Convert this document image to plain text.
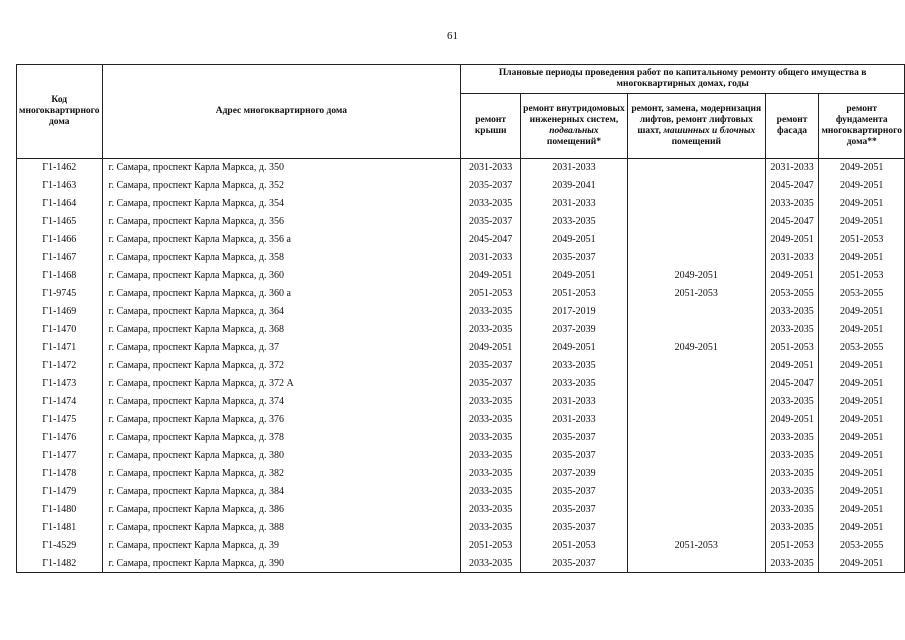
61
Код многоквартирного дома	Адрес многоквартирного дома	Плановые периоды проведения работ по капитальному ремонту общего имущества в многоквартирных домах, годы				
		ремонт крыши	ремонт внутридомовых инженерных систем, подвальных помещений*	ремонт, замена, модернизация лифтов, ремонт лифтовых шахт, машинных и блочных помещений	ремонт фасада	ремонт фундамента многоквартирного дома**
Г1-1462	г. Самара, проспект Карла Маркса, д. 350	2031-2033	2031-2033		2031-2033	2049-2051
Г1-1463	г. Самара, проспект Карла Маркса, д. 352	2035-2037	2039-2041		2045-2047	2049-2051
Г1-1464	г. Самара, проспект Карла Маркса, д. 354	2033-2035	2031-2033		2033-2035	2049-2051
Г1-1465	г. Самара, проспект Карла Маркса, д. 356	2035-2037	2033-2035		2045-2047	2049-2051
Г1-1466	г. Самара, проспект Карла Маркса, д. 356 а	2045-2047	2049-2051		2049-2051	2051-2053
Г1-1467	г. Самара, проспект Карла Маркса, д. 358	2031-2033	2035-2037		2031-2033	2049-2051
Г1-1468	г. Самара, проспект Карла Маркса, д. 360	2049-2051	2049-2051	2049-2051	2049-2051	2051-2053
Г1-9745	г. Самара, проспект Карла Маркса, д. 360 а	2051-2053	2051-2053	2051-2053	2053-2055	2053-2055
Г1-1469	г. Самара, проспект Карла Маркса, д. 364	2033-2035	2017-2019		2033-2035	2049-2051
Г1-1470	г. Самара, проспект Карла Маркса, д. 368	2033-2035	2037-2039		2033-2035	2049-2051
Г1-1471	г. Самара, проспект Карла Маркса, д. 37	2049-2051	2049-2051	2049-2051	2051-2053	2053-2055
Г1-1472	г. Самара, проспект Карла Маркса, д. 372	2035-2037	2033-2035		2049-2051	2049-2051
Г1-1473	г. Самара, проспект Карла Маркса, д. 372 А	2035-2037	2033-2035		2045-2047	2049-2051
Г1-1474	г. Самара, проспект Карла Маркса, д. 374	2033-2035	2031-2033		2033-2035	2049-2051
Г1-1475	г. Самара, проспект Карла Маркса, д. 376	2033-2035	2031-2033		2049-2051	2049-2051
Г1-1476	г. Самара, проспект Карла Маркса, д. 378	2033-2035	2035-2037		2033-2035	2049-2051
Г1-1477	г. Самара, проспект Карла Маркса, д. 380	2033-2035	2035-2037		2033-2035	2049-2051
Г1-1478	г. Самара, проспект Карла Маркса, д. 382	2033-2035	2037-2039		2033-2035	2049-2051
Г1-1479	г. Самара, проспект Карла Маркса, д. 384	2033-2035	2035-2037		2033-2035	2049-2051
Г1-1480	г. Самара, проспект Карла Маркса, д. 386	2033-2035	2035-2037		2033-2035	2049-2051
Г1-1481	г. Самара, проспект Карла Маркса, д. 388	2033-2035	2035-2037		2033-2035	2049-2051
Г1-4529	г. Самара, проспект Карла Маркса, д. 39	2051-2053	2051-2053	2051-2053	2051-2053	2053-2055
Г1-1482	г. Самара, проспект Карла Маркса, д. 390	2033-2035	2035-2037		2033-2035	2049-2051
